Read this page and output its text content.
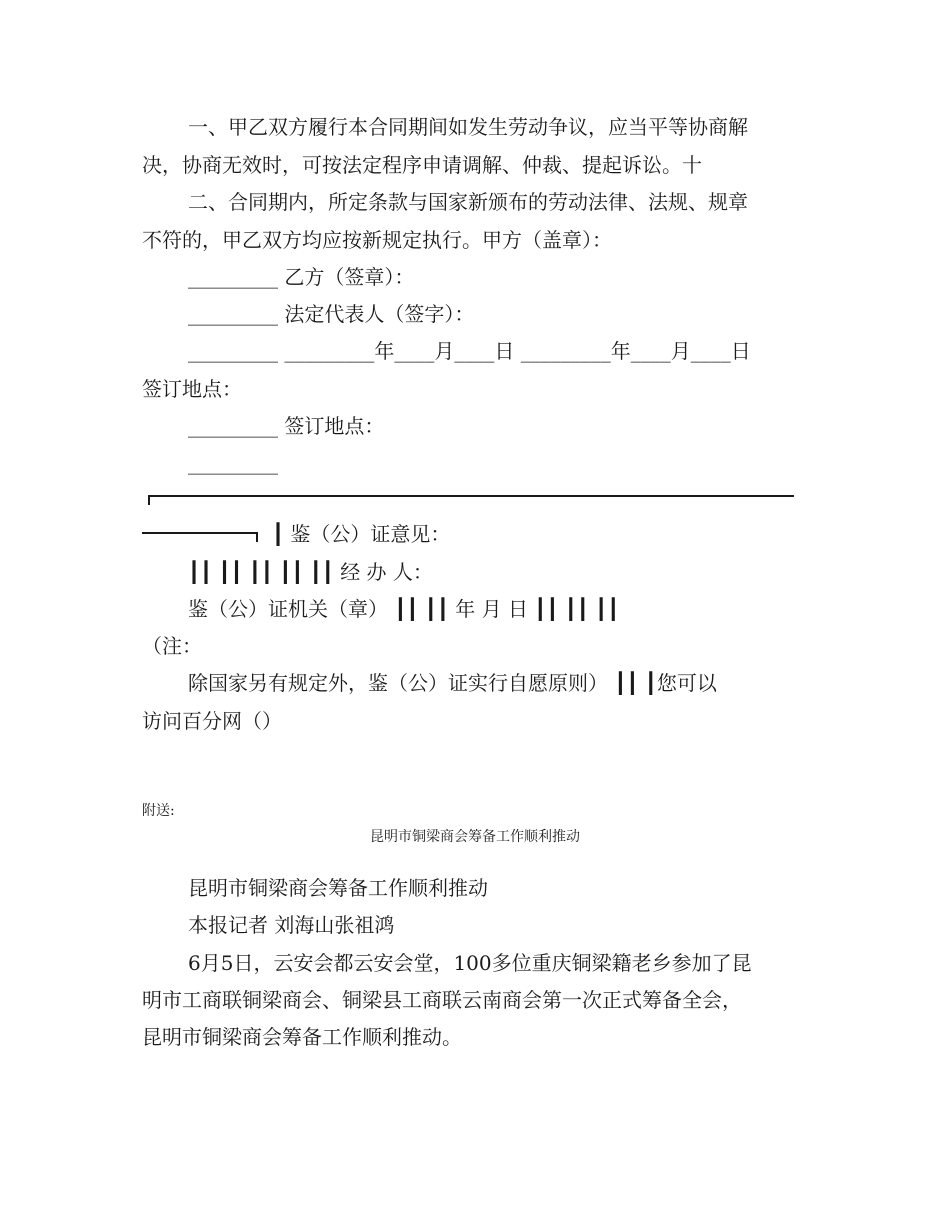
一、甲乙双方履行本合同期间如发生劳动争议，应当平等协商解
决，协商无效时，可按法定程序申请调解、仲裁、提起诉讼。十
二、合同期内，所定条款与国家新颁布的劳动法律、法规、规章
不符的，甲乙双方均应按新规定执行。甲方（盖章）：
_________ 乙方（签章）：
_________ 法定代表人（签字）：
_________ _________年____月____日 _________年____月____日
签订地点：
_________ 签订地点：
_________
┃ 鉴（公）证意见：
┃┃ ┃┃ ┃┃ ┃┃ ┃┃ 经 办 人：
鉴（公）证机关（章） ┃┃ ┃┃ 年 月 日 ┃┃ ┃┃ ┃┃
（注：
除国家另有规定外，鉴（公）证实行自愿原则） ┃┃ ┃您可以
访问百分网（）
附送:
昆明市铜梁商会筹备工作顺利推动
昆明市铜梁商会筹备工作顺利推动
本报记者 刘海山张祖鸿
6月5日，云安会都云安会堂，100多位重庆铜梁籍老乡参加了昆
明市工商联铜梁商会、铜梁县工商联云南商会第一次正式筹备全会，
昆明市铜梁商会筹备工作顺利推动。
